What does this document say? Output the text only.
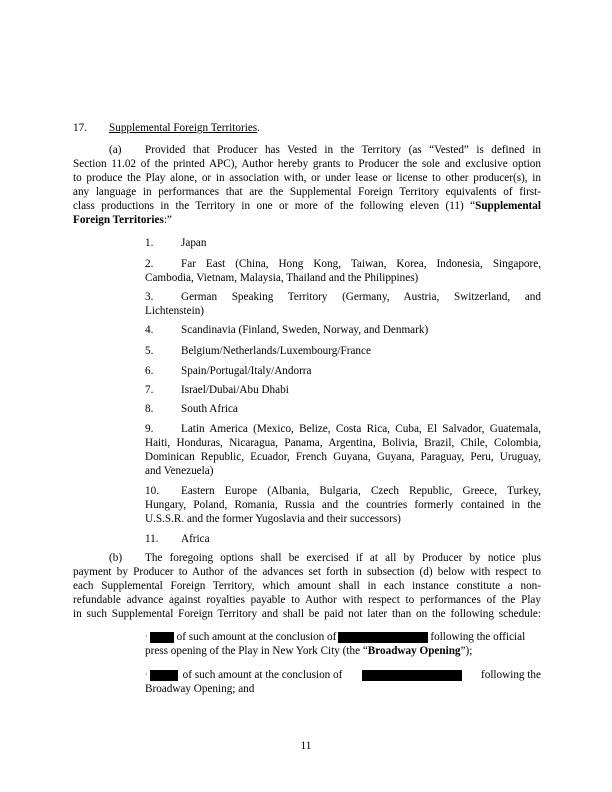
17. Supplemental Foreign Territories.
(a) Provided that Producer has Vested in the Territory (as “Vested” is defined in
Section 11.02 of the printed APC), Author hereby grants to Producer the sole and exclusive option
to produce the Play alone, or in association with, or under lease or license to other producer(s), in
any language in performances that are the Supplemental Foreign Territory equivalents of first-
class productions in the Territory in one or more of the following eleven (11) “Supplemental
Foreign Territories:”
1. Japan
2. Far East (China, Hong Kong, Taiwan, Korea, Indonesia, Singapore,
Cambodia, Vietnam, Malaysia, Thailand and the Philippines)
3. German Speaking Territory (Germany, Austria, Switzerland, and
Lichtenstein)
4. Scandinavia (Finland, Sweden, Norway, and Denmark)
5. Belgium/Netherlands/Luxembourg/France
6. Spain/Portugal/Italy/Andorra
7. Israel/Dubai/Abu Dhabi
8. South Africa
9. Latin America (Mexico, Belize, Costa Rica, Cuba, El Salvador, Guatemala,
Haiti, Honduras, Nicaragua, Panama, Argentina, Bolivia, Brazil, Chile, Colombia,
Dominican Republic, Ecuador, French Guyana, Guyana, Paraguay, Peru, Uruguay,
and Venezuela)
10. Eastern Europe (Albania, Bulgaria, Czech Republic, Greece, Turkey,
Hungary, Poland, Romania, Russia and the countries formerly contained in the
U.S.S.R. and the former Yugoslavia and their successors)
11. Africa
(b) The foregoing options shall be exercised if at all by Producer by notice plus
payment by Producer to Author of the advances set forth in subsection (d) below with respect to
each Supplemental Foreign Territory, which amount shall in each instance constitute a non-
refundable advance against royalties payable to Author with respect to performances of the Play
in such Supplemental Foreign Territory and shall be paid not later than on the following schedule:
·	of such amount at the conclusion of	following the official
press opening of the Play in New York City (the “Broadway Opening”);
·	of such amount at the conclusion of	following the
Broadway Opening; and
11
